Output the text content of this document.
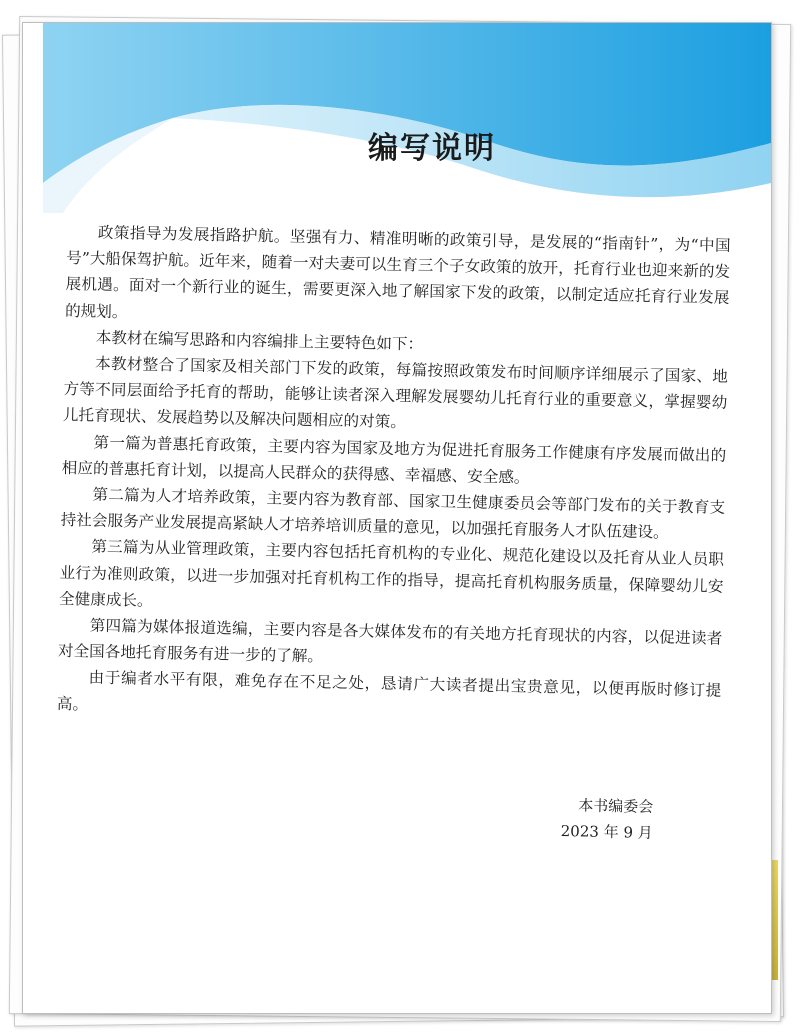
编写说明

政策指导为发展指路护航。坚强有力、精准明晰的政策引导，是发展的“指南针”，为“中国号”大船保驾护航。近年来，随着一对夫妻可以生育三个子女政策的放开，托育行业也迎来新的发展机遇。面对一个新行业的诞生，需要更深入地了解国家下发的政策，以制定适应托育行业发展的规划。

本教材在编写思路和内容编排上主要特色如下：

本教材整合了国家及相关部门下发的政策，每篇按照政策发布时间顺序详细展示了国家、地方等不同层面给予托育的帮助，能够让读者深入理解发展婴幼儿托育行业的重要意义，掌握婴幼儿托育现状、发展趋势以及解决问题相应的对策。

第一篇为普惠托育政策，主要内容为国家及地方为促进托育服务工作健康有序发展而做出的相应的普惠托育计划，以提高人民群众的获得感、幸福感、安全感。

第二篇为人才培养政策，主要内容为教育部、国家卫生健康委员会等部门发布的关于教育支持社会服务产业发展提高紧缺人才培养培训质量的意见，以加强托育服务人才队伍建设。

第三篇为从业管理政策，主要内容包括托育机构的专业化、规范化建设以及托育从业人员职业行为准则政策，以进一步加强对托育机构工作的指导，提高托育机构服务质量，保障婴幼儿安全健康成长。

第四篇为媒体报道选编，主要内容是各大媒体发布的有关地方托育现状的内容，以促进读者对全国各地托育服务有进一步的了解。

由于编者水平有限，难免存在不足之处，恳请广大读者提出宝贵意见，以便再版时修订提高。

本书编委会
2023 年 9 月
